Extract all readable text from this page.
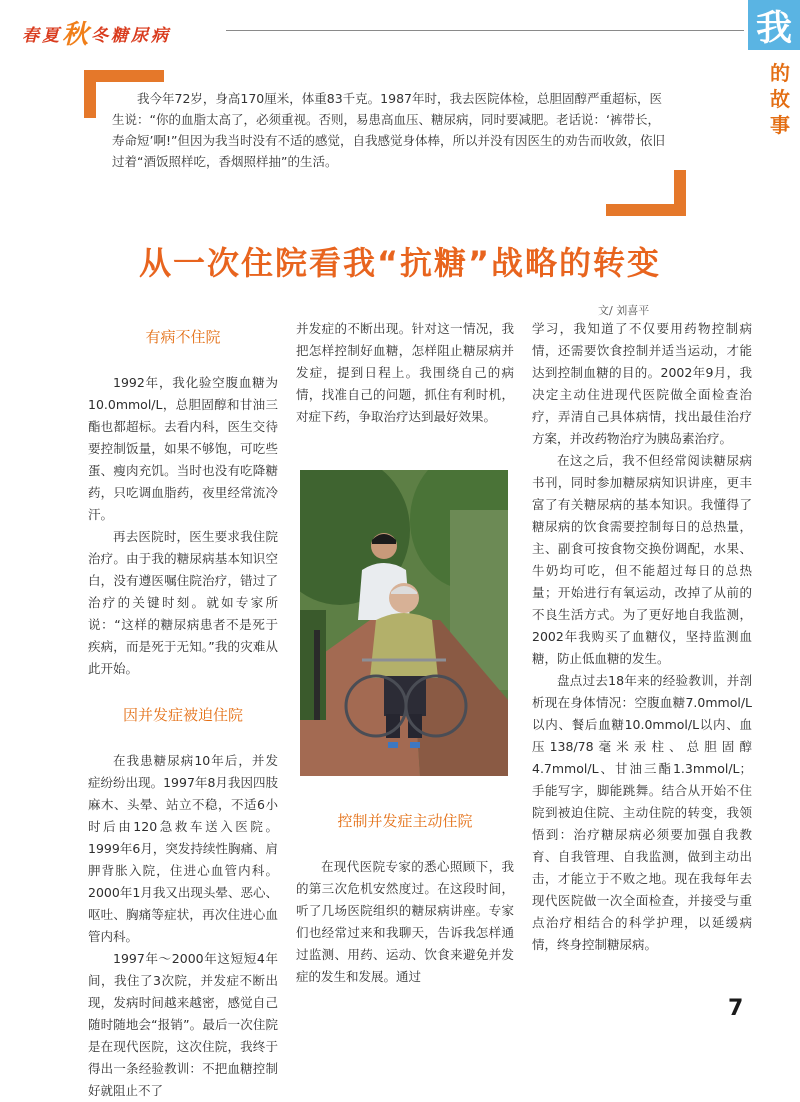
春夏秋冬糖尿病	我
的
故
事

我今年72岁，身高170厘米，体重83千克。1987年时，我去医院体检，总胆固醇严重超标，医生说：“你的血脂太高了，必须重视。否则，易患高血压、糖尿病，同时要减肥。老话说：‘裤带长，寿命短’啊!”但因为我当时没有不适的感觉，自我感觉身体棒，所以并没有因医生的劝告而收敛，依旧过着“酒饭照样吃，香烟照样抽”的生活。

从一次住院看我“抗糖”战略的转变
文/ 刘喜平
有病不住院

1992年，我化验空腹血糖为10.0mmol/L，总胆固醇和甘油三酯也都超标。去看内科，医生交待要控制饭量，如果不够饱，可吃些蛋、瘦肉充饥。当时也没有吃降糖药，只吃调血脂药，夜里经常流冷汗。

再去医院时，医生要求我住院治疗。由于我的糖尿病基本知识空白，没有遵医嘱住院治疗，错过了治疗的关键时刻。就如专家所说：“这样的糖尿病患者不是死于疾病，而是死于无知。”我的灾难从此开始。

因并发症被迫住院

在我患糖尿病10年后，并发症纷纷出现。1997年8月我因四肢麻木、头晕、站立不稳，不适6小时后由120急救车送入医院。1999年6月，突发持续性胸痛、肩胛背胀入院，住进心血管内科。2000年1月我又出现头晕、恶心、呕吐、胸痛等症状，再次住进心血管内科。

1997年～2000年这短短4年间，我住了3次院，并发症不断出现，发病时间越来越密，感觉自己随时随地会“报销”。最后一次住院是在现代医院，这次住院，我终于得出一条经验教训：不把血糖控制好就阻止不了

并发症的不断出现。针对这一情况，我把怎样控制好血糖，怎样阻止糖尿病并发症，提到日程上。我围绕自己的病情，找准自己的问题，抓住有利时机，对症下药，争取治疗达到最好效果。

控制并发症主动住院

在现代医院专家的悉心照顾下，我的第三次危机安然度过。在这段时间，听了几场医院组织的糖尿病讲座。专家们也经常过来和我聊天，告诉我怎样通过监测、用药、运动、饮食来避免并发症的发生和发展。通过

学习，我知道了不仅要用药物控制病情，还需要饮食控制并适当运动，才能达到控制血糖的目的。2002年9月，我决定主动住进现代医院做全面检查治疗，弄清自己具体病情，找出最佳治疗方案，并改药物治疗为胰岛素治疗。

在这之后，我不但经常阅读糖尿病书刊，同时参加糖尿病知识讲座，更丰富了有关糖尿病的基本知识。我懂得了糖尿病的饮食需要控制每日的总热量，主、副食可按食物交换份调配，水果、牛奶均可吃，但不能超过每日的总热量；开始进行有氧运动，改掉了从前的不良生活方式。为了更好地自我监测，2002年我购买了血糖仪，坚持监测血糖，防止低血糖的发生。

盘点过去18年来的经验教训，并剖析现在身体情况：空腹血糖7.0mmol/L以内、餐后血糖10.0mmol/L以内、血压138/78毫米汞柱、总胆固醇4.7mmol/L、甘油三酯1.3mmol/L；手能写字，脚能跳舞。结合从开始不住院到被迫住院、主动住院的转变，我领悟到：治疗糖尿病必须要加强自我教育、自我管理、自我监测，做到主动出击，才能立于不败之地。现在我每年去现代医院做一次全面检查，并接受与重点治疗相结合的科学护理，以延缓病情，终身控制糖尿病。

7
